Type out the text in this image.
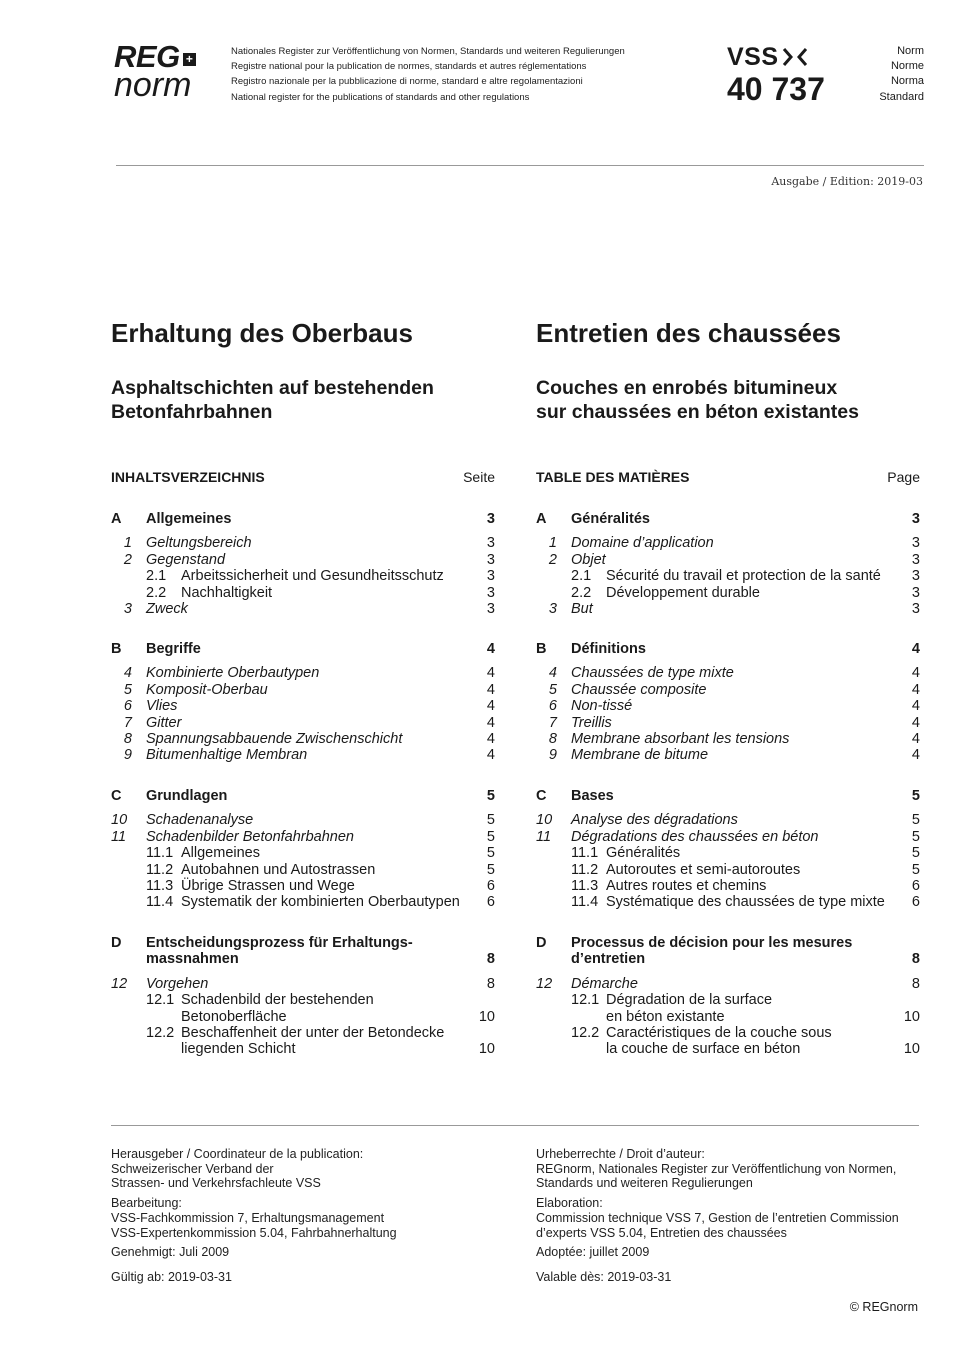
REG +
norm
Nationales Register zur Veröffentlichung von Normen, Standards und weiteren Regulierungen
Registre national pour la publication de normes, standards et autres réglementations
Registro nazionale per la pubblicazione di norme, standard e altre regolamentazioni
National register for the publications of standards and other regulations
VSS
40 737
Norm
Norme
Norma
Standard
Ausgabe / Edition: 2019-03
Erhaltung des Oberbaus
Asphaltschichten auf bestehenden
Betonfahrbahnen
INHALTSVERZEICHNIS	Seite
A	Allgemeines	3
1 Geltungsbereich	3
2 Gegenstand	3
2.1 Arbeitssicherheit und Gesundheitsschutz	3
2.2 Nachhaltigkeit	3
3 Zweck	3
B	Begriffe	4
4 Kombinierte Oberbautypen	4
5 Komposit-Oberbau	4
6 Vlies	4
7 Gitter	4
8 Spannungsabbauende Zwischenschicht	4
9 Bitumenhaltige Membran	4
C	Grundlagen	5
10	Schadenanalyse	5
11	Schadenbilder Betonfahrbahnen	5
11.1 Allgemeines	5
11.2 Autobahnen und Autostrassen	5
11.3 Übrige Strassen und Wege	6
11.4 Systematik der kombinierten Oberbautypen	6
D	Entscheidungsprozess für Erhaltungs-
massnahmen	8
12	Vorgehen	8
12.1 Schadenbild der bestehenden
Betonoberfläche	10
12.2 Beschaffenheit der unter der Betondecke
liegenden Schicht	10
Entretien des chaussées
Couches en enrobés bitumineux
sur chaussées en béton existantes
TABLE DES MATIÈRES	Page
A	Généralités	3
1 Domaine d’application	3
2 Objet	3
2.1 Sécurité du travail et protection de la santé	3
2.2 Développement durable	3
3 But	3
B	Définitions	4
4 Chaussées de type mixte	4
5 Chaussée composite	4
6 Non-tissé	4
7 Treillis	4
8 Membrane absorbant les tensions	4
9 Membrane de bitume	4
C	Bases	5
10	Analyse des dégradations	5
11	Dégradations des chaussées en béton	5
11.1 Généralités	5
11.2 Autoroutes et semi-autoroutes	5
11.3 Autres routes et chemins	6
11.4 Systématique des chaussées de type mixte	6
D	Processus de décision pour les mesures
d’entretien	8
12	Démarche	8
12.1 Dégradation de la surface
en béton existante	10
12.2 Caractéristiques de la couche sous
la couche de surface en béton	10

Herausgeber / Coordinateur de la publication:
Schweizerischer Verband der
Strassen- und Verkehrsfachleute VSS

Bearbeitung:
VSS-Fachkommission 7, Erhaltungsmanagement
VSS-Expertenkommission 5.04, Fahrbahnerhaltung

Genehmigt: Juli 2009

Gültig ab: 2019-03-31

Urheberrechte / Droit d’auteur:
REGnorm, Nationales Register zur Veröffentlichung von Normen,
Standards und weiteren Regulierungen

Elaboration:
Commission technique VSS 7, Gestion de l’entretien Commission
d’experts VSS 5.04, Entretien des chaussées

Adoptée: juillet 2009

Valable dès: 2019-03-31

© REGnorm
